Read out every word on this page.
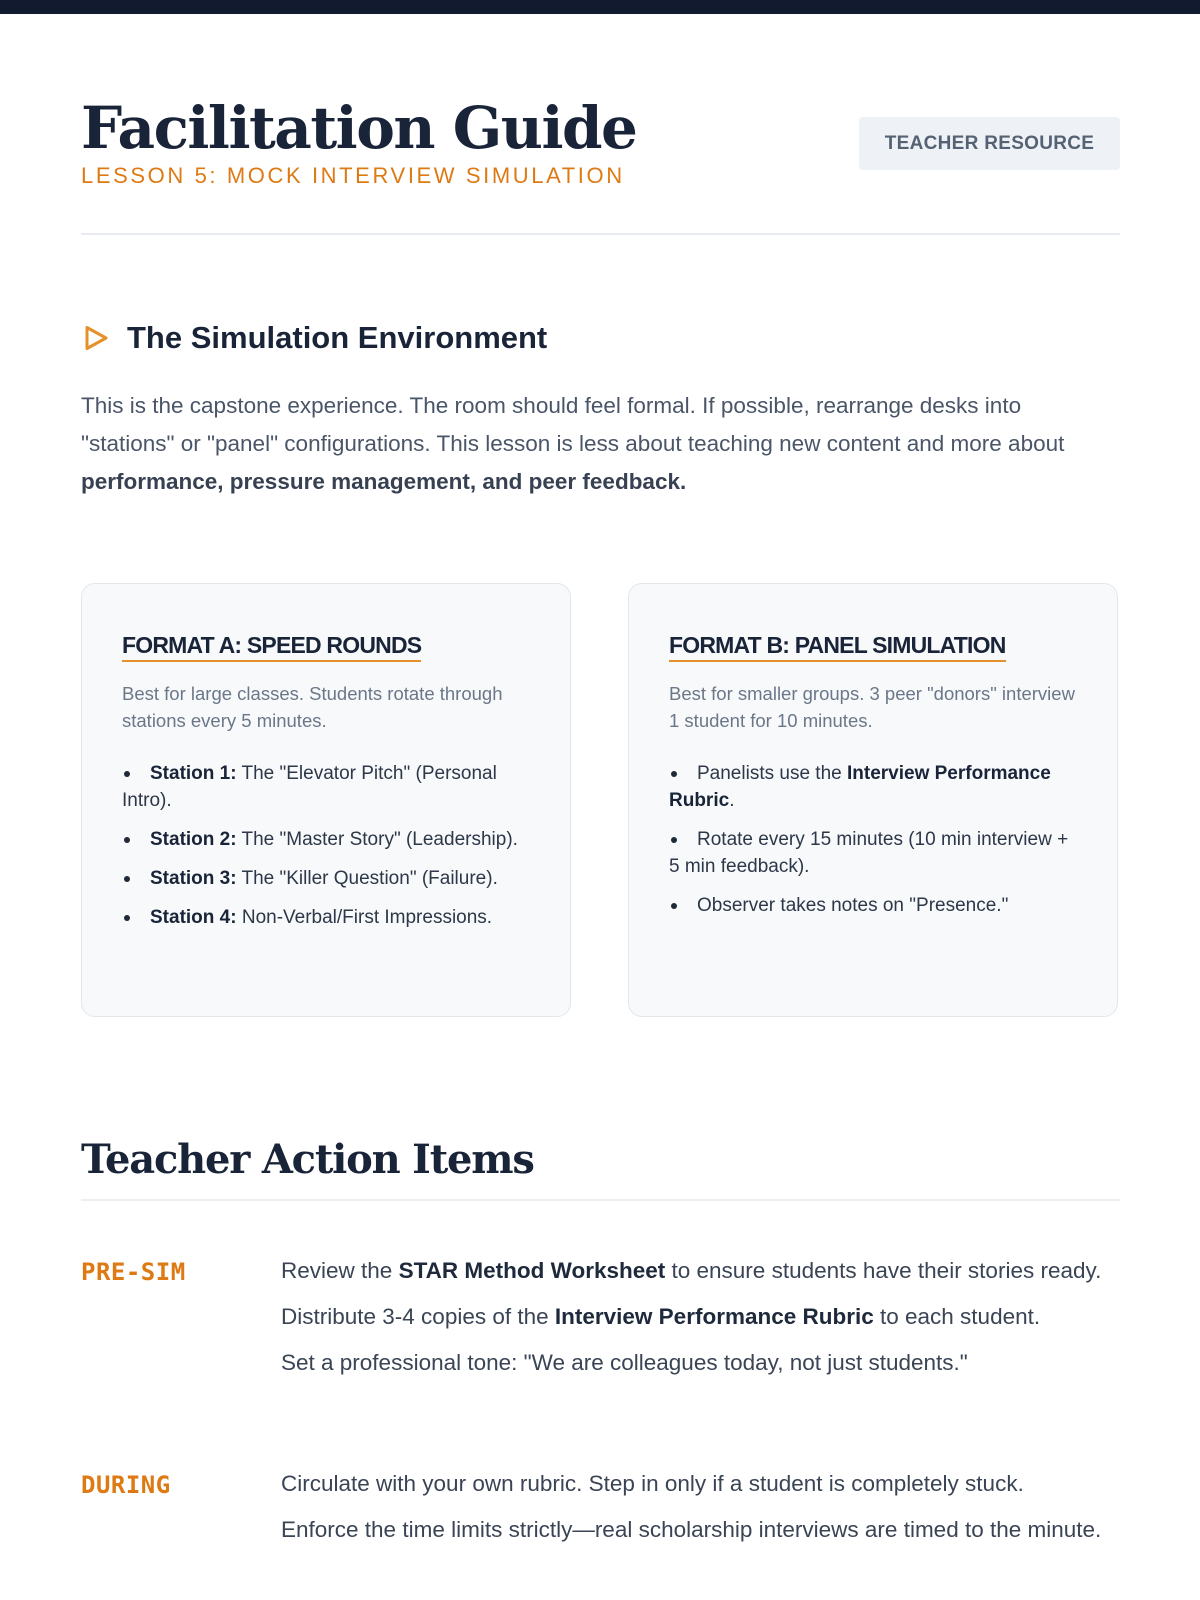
Facilitation Guide
LESSON 5: MOCK INTERVIEW SIMULATION
TEACHER RESOURCE
The Simulation Environment

This is the capstone experience. The room should feel formal. If possible, rearrange desks into "stations" or "panel" configurations. This lesson is less about teaching new content and more about performance, pressure management, and peer feedback.

FORMAT A: SPEED ROUNDS

Best for large classes. Students rotate through stations every 5 minutes.

Station 1: The "Elevator Pitch" (Personal Intro).
Station 2: The "Master Story" (Leadership).
Station 3: The "Killer Question" (Failure).
Station 4: Non-Verbal/First Impressions.
FORMAT B: PANEL SIMULATION

Best for smaller groups. 3 peer "donors" interview 1 student for 10 minutes.

Panelists use the Interview Performance Rubric.
Rotate every 15 minutes (10 min interview + 5 min feedback).
Observer takes notes on "Presence."
Teacher Action Items
PRE-SIM	Review the STAR Method Worksheet to ensure students have their stories ready.
Distribute 3-4 copies of the Interview Performance Rubric to each student.
Set a professional tone: "We are colleagues today, not just students."
DURING	Circulate with your own rubric. Step in only if a student is completely stuck.
Enforce the time limits strictly—real scholarship interviews are timed to the minute.
